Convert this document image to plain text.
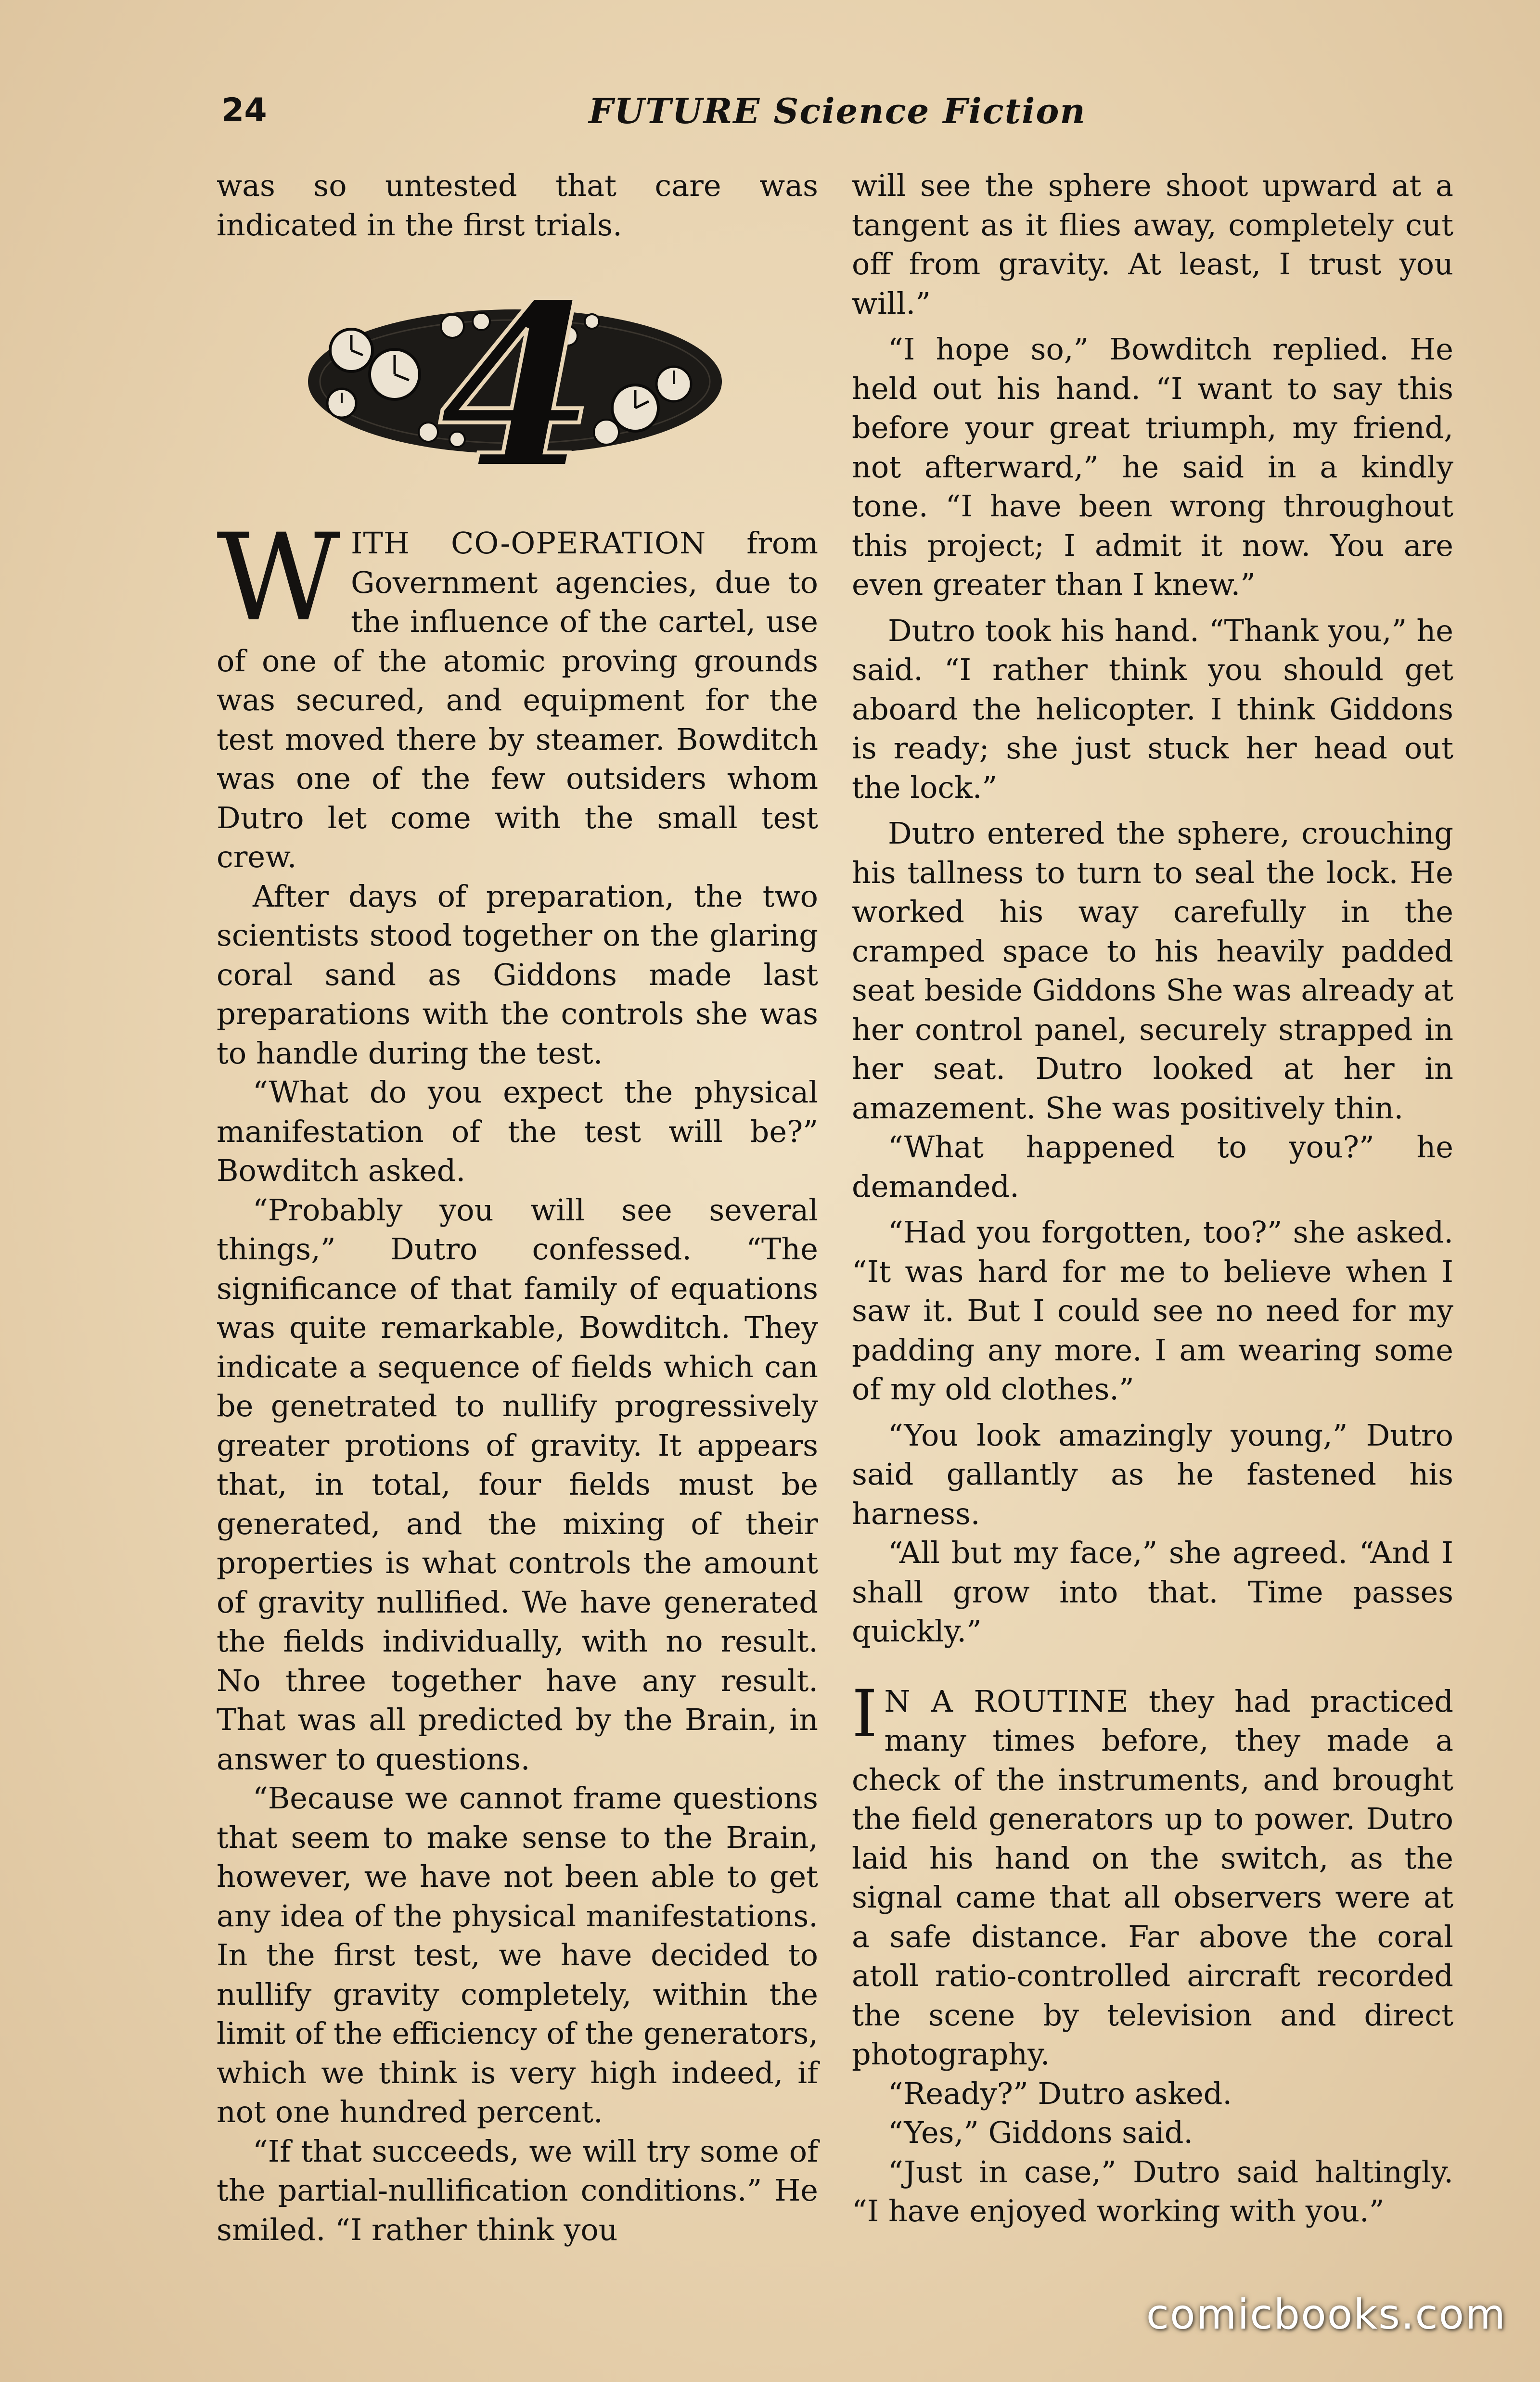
24	FUTURE Science Fiction

was so untested that care was indicated in the first trials.

4

WITH CO-OPERATION from Government agencies, due to the influence of the cartel, use of one of the atomic proving grounds was secured, and equipment for the test moved there by steamer. Bowditch was one of the few outsiders whom Dutro let come with the small test crew.

After days of preparation, the two scientists stood together on the glaring coral sand as Giddons made last preparations with the controls she was to handle during the test.

“What do you expect the physical manifestation of the test will be?” Bowditch asked.

“Probably you will see several things,” Dutro confessed. “The significance of that family of equations was quite remarkable, Bowditch. They indicate a sequence of fields which can be genetrated to nullify progressively greater protions of gravity. It appears that, in total, four fields must be generated, and the mixing of their properties is what controls the amount of gravity nullified. We have generated the fields individually, with no result. No three together have any result. That was all predicted by the Brain, in answer to questions.

“Because we cannot frame questions that seem to make sense to the Brain, however, we have not been able to get any idea of the physical manifestations. In the first test, we have decided to nullify gravity completely, within the limit of the efficiency of the generators, which we think is very high indeed, if not one hundred percent.

“If that succeeds, we will try some of the partial-nullification conditions.” He smiled. “I rather think you

will see the sphere shoot upward at a tangent as it flies away, completely cut off from gravity. At least, I trust you will.”

“I hope so,” Bowditch replied. He held out his hand. “I want to say this before your great triumph, my friend, not afterward,” he said in a kindly tone. “I have been wrong throughout this project; I admit it now. You are even greater than I knew.”

Dutro took his hand. “Thank you,” he said. “I rather think you should get aboard the helicopter. I think Giddons is ready; she just stuck her head out the lock.”

Dutro entered the sphere, crouching his tallness to turn to seal the lock. He worked his way carefully in the cramped space to his heavily padded seat beside Giddons She was already at her control panel, securely strapped in her seat. Dutro looked at her in amazement. She was positively thin.

“What happened to you?” he demanded.

“Had you forgotten, too?” she asked. “It was hard for me to believe when I saw it. But I could see no need for my padding any more. I am wearing some of my old clothes.”

“You look amazingly young,” Dutro said gallantly as he fastened his harness.

“All but my face,” she agreed. “And I shall grow into that. Time passes quickly.”

I N A ROUTINE they had practiced many times before, they made a check of the instruments, and brought the field generators up to power. Dutro laid his hand on the switch, as the signal came that all observers were at a safe distance. Far above the coral atoll ratio-controlled aircraft recorded the scene by television and direct photography.

“Ready?” Dutro asked.

“Yes,” Giddons said.

“Just in case,” Dutro said haltingly. “I have enjoyed working with you.”

comicbooks.com
